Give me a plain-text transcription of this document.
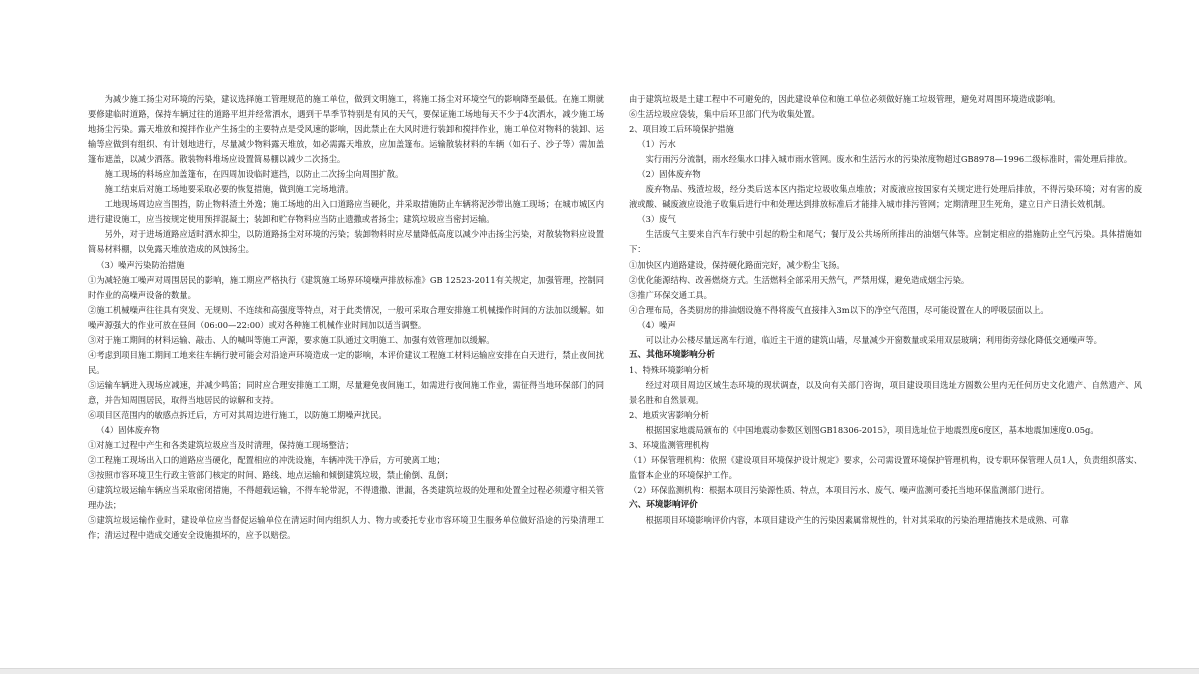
为减少施工扬尘对环境的污染，建议选择施工管理规范的施工单位，做到文明施工，将施工扬尘对环境空气的影响降至最低。在施工期就要修建临时道路，保持车辆过往的道路平坦并经常洒水，遇到干旱季节特别是有风的天气，要保证施工场地每天不少于4次洒水，减少施工场地扬尘污染。露天堆放和搅拌作业产生扬尘的主要特点是受风速的影响，因此禁止在大风时进行装卸和搅拌作业，施工单位对物料的装卸、运输等应做到有组织、有计划地进行，尽量减少物料露天堆放，如必需露天堆放，应加盖篷布。运输散装材料的车辆（如石子、沙子等）需加盖篷布遮盖，以减少洒落。散装物料堆场应设置简易棚以减少二次扬尘。

施工现场的料场应加盖篷布，在四周加设临时遮挡，以防止二次扬尘向周围扩散。

施工结束后对施工场地要采取必要的恢复措施，做到施工完场地清。

工地现场周边应当围挡，防止物料渣土外逸；施工场地的出入口道路应当硬化，并采取措施防止车辆将泥沙带出施工现场；在城市城区内进行建设施工，应当按规定使用预拌混凝土；装卸和贮存物料应当防止遗撒或者扬尘；建筑垃圾应当密封运输。

另外，对于进场道路应适时洒水抑尘，以防道路扬尘对环境的污染；装卸物料时应尽量降低高度以减少冲击扬尘污染，对散装物料应设置简易材料棚，以免露天堆放造成的风蚀扬尘。

（3）噪声污染防治措施

①为减轻施工噪声对周围居民的影响，施工期应严格执行《建筑施工场界环境噪声排放标准》GB 12523-2011有关规定，加强管理，控制同时作业的高噪声设备的数量。

②施工机械噪声往往具有突发、无规则、不连续和高强度等特点，对于此类情况，一般可采取合理安排施工机械操作时间的方法加以缓解。如噪声源强大的作业可放在昼间（06:00—22:00）或对各种施工机械作业时间加以适当调整。

③对于施工期间的材料运输、敲击、人的喊叫等施工声源，要求施工队通过文明施工、加强有效管理加以缓解。

④考虑到项目施工期间工地来往车辆行驶可能会对沿途声环境造成一定的影响，本评价建议工程施工材料运输应安排在白天进行，禁止夜间扰民。

⑤运输车辆进入现场应减速，并减少鸣笛；同时应合理安排施工工期，尽量避免夜间施工，如需进行夜间施工作业，需征得当地环保部门的同意，并告知周围居民，取得当地居民的谅解和支持。

⑥项目区范围内的敏感点拆迁后，方可对其周边进行施工，以防施工期噪声扰民。

（4）固体废弃物

①对施工过程中产生和各类建筑垃圾应当及时清理，保持施工现场整洁；

②工程施工现场出入口的道路应当硬化，配置相应的冲洗设施，车辆冲洗干净后，方可驶离工地；

③按照市容环境卫生行政主管部门核定的时间、路线、地点运输和倾倒建筑垃圾，禁止偷倒、乱倒；

④建筑垃圾运输车辆应当采取密闭措施，不得超载运输，不得车轮带泥，不得遗撒、泄漏，各类建筑垃圾的处理和处置全过程必须遵守相关管理办法；

⑤建筑垃圾运输作业时，建设单位应当督促运输单位在清运时间内组织人力、物力或委托专业市容环境卫生服务单位做好沿途的污染清理工作；清运过程中造成交通安全设施损坏的，应予以赔偿。

由于建筑垃圾是土建工程中不可避免的，因此建设单位和施工单位必须做好施工垃圾管理，避免对周围环境造成影响。

⑥生活垃圾应袋装，集中后环卫部门代为收集处置。

2、项目竣工后环境保护措施

（1）污水

实行雨污分流制，雨水经集水口排入城市雨水管网。废水和生活污水的污染浓度物超过GB8978—1996二级标准时，需处理后排放。

（2）固体废弃物

废弃物品、残渣垃圾，经分类后送本区内指定垃圾收集点堆放；对废液应按国家有关规定进行处理后排放，不得污染环境；对有害的废液或酸、碱废液应设池子收集后进行中和处理达到排放标准后才能排入城市排污管网；定期清理卫生死角，建立日产日清长效机制。

（3）废气

生活废气主要来自汽车行驶中引起的粉尘和尾气；餐厅及公共场所所排出的油烟气体等。应制定相应的措施防止空气污染。具体措施如下：

①加快区内道路建设，保持硬化路面完好，减少粉尘飞扬。

②优化能源结构、改善燃烧方式。生活燃料全部采用天然气，严禁用煤，避免造成烟尘污染。

③推广环保交通工具。

④合理布局，各类厨房的排油烟设施不得将废气直接排入3m以下的净空气范围，尽可能设置在人的呼吸层面以上。

（4）噪声

可以让办公楼尽量远离车行道，临近主干道的建筑山墙，尽量减少开窗数量或采用双层玻璃；利用街旁绿化降低交通噪声等。

五、其他环境影响分析

1、特殊环境影响分析

经过对项目周边区域生态环境的现状调查，以及向有关部门咨询，项目建设项目选址方圆数公里内无任何历史文化遗产、自然遗产、风景名胜和自然景观。

2、地质灾害影响分析

根据国家地震局颁布的《中国地震动参数区划图GB18306-2015》，项目选址位于地震烈度6度区，基本地震加速度0.05g。

3、环境监测管理机构

（1）环保管理机构：依照《建设项目环境保护设计规定》要求，公司需设置环境保护管理机构，设专职环保管理人员1人，负责组织落实、监督本企业的环境保护工作。

（2）环保监测机构：根据本项目污染源性质、特点，本项目污水、废气、噪声监测可委托当地环保监测部门进行。

六、环境影响评价

根据项目环境影响评价内容，本项目建设产生的污染因素属常规性的，针对其采取的污染治理措施技术是成熟、可靠
